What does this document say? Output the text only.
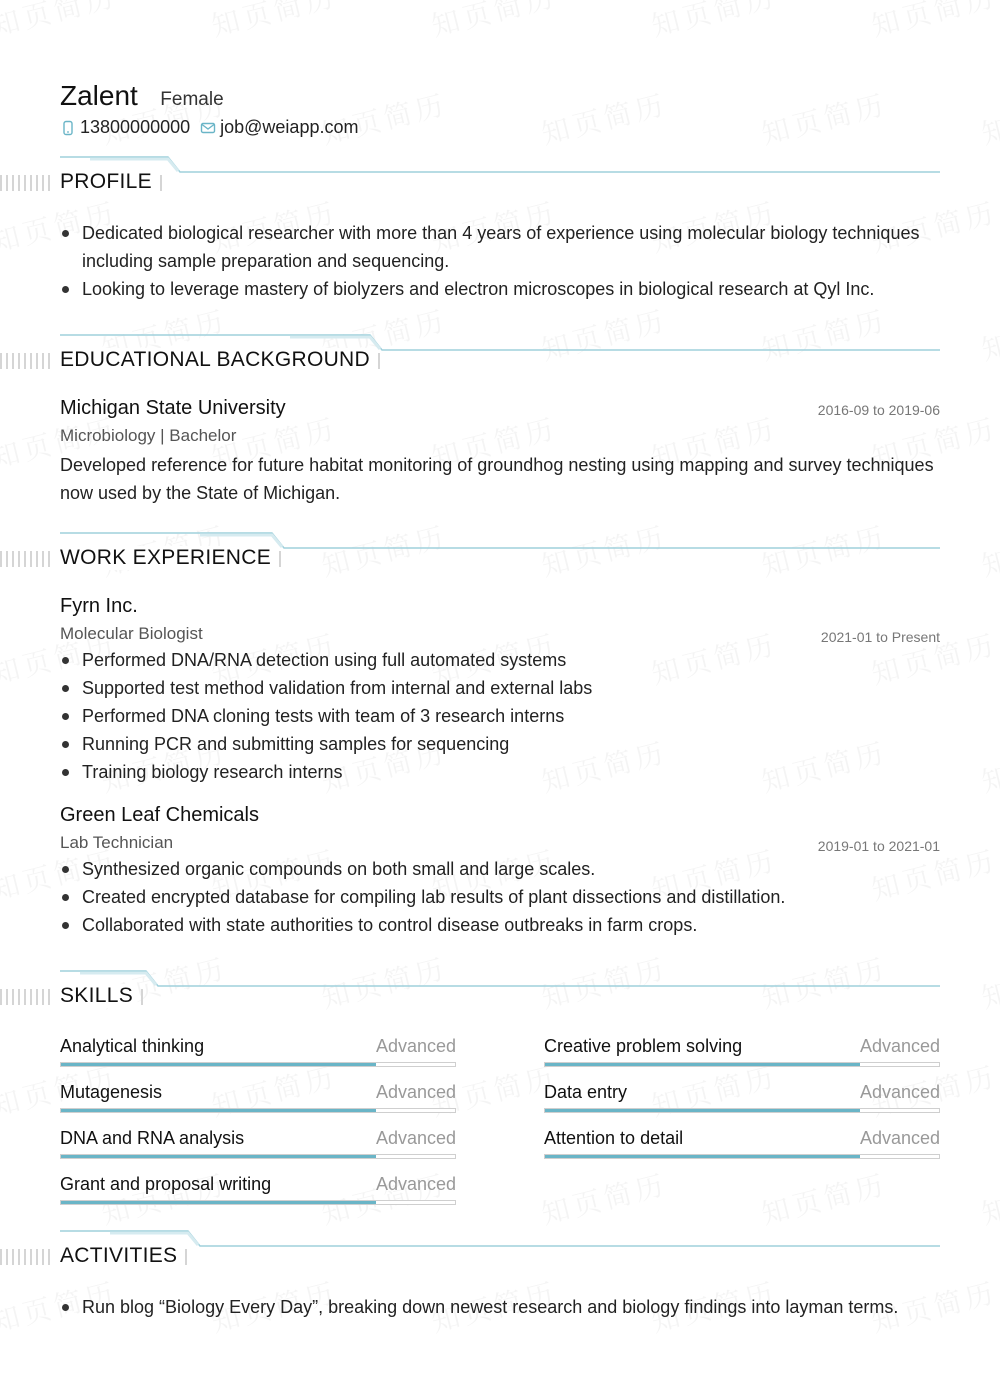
Zalent Female
13800000000 job@weiapp.com
PROFILE
Dedicated biological researcher with more than 4 years of experience using molecular biology techniques including sample preparation and sequencing.
Looking to leverage mastery of biolyzers and electron microscopes in biological research at Qyl Inc.
EDUCATIONAL BACKGROUND
Michigan State University	2016-09 to 2019-06
Microbiology | Bachelor
Developed reference for future habitat monitoring of groundhog nesting using mapping and survey techniques now used by the State of Michigan.
WORK EXPERIENCE
Fyrn Inc.
Molecular Biologist	2021-01 to Present
Performed DNA/RNA detection using full automated systems
Supported test method validation from internal and external labs
Performed DNA cloning tests with team of 3 research interns
Running PCR and submitting samples for sequencing
Training biology research interns
Green Leaf Chemicals
Lab Technician	2019-01 to 2021-01
Synthesized organic compounds on both small and large scales.
Created encrypted database for compiling lab results of plant dissections and distillation.
Collaborated with state authorities to control disease outbreaks in farm crops.
SKILLS
Analytical thinking	Advanced	Creative problem solving	Advanced
Mutagenesis	Advanced	Data entry	Advanced
DNA and RNA analysis	Advanced	Attention to detail	Advanced
Grant and proposal writing	Advanced
ACTIVITIES
Run blog “Biology Every Day”, breaking down newest research and biology findings into layman terms.
